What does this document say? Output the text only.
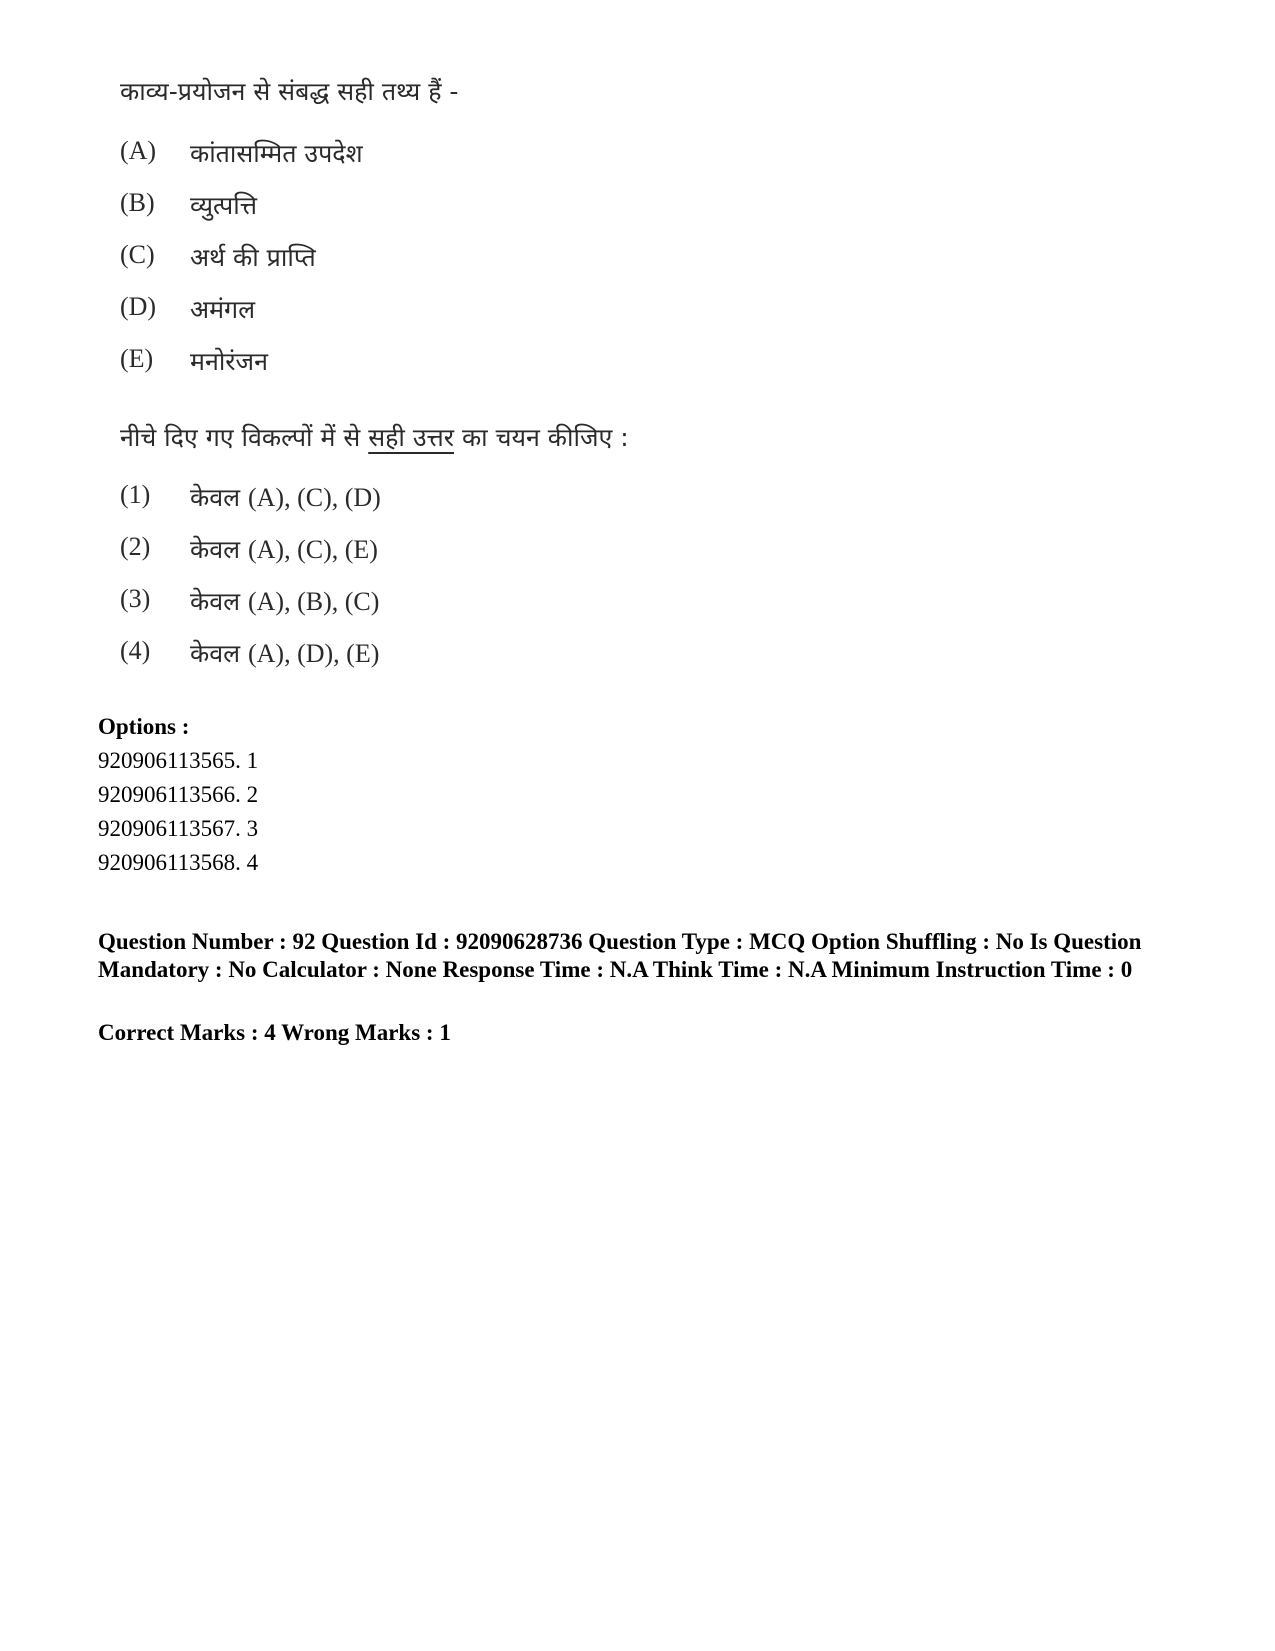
काव्य-प्रयोजन से संबद्ध सही तथ्य हैं -
(A) कांतासम्मित उपदेश
(B) व्युत्पत्ति
(C) अर्थ की प्राप्ति
(D) अमंगल
(E) मनोरंजन
नीचे दिए गए विकल्पों में से सही उत्तर का चयन कीजिए :
(1) केवल (A), (C), (D)
(2) केवल (A), (C), (E)
(3) केवल (A), (B), (C)
(4) केवल (A), (D), (E)
Options :
920906113565. 1
920906113566. 2
920906113567. 3
920906113568. 4
Question Number : 92 Question Id : 92090628736 Question Type : MCQ Option Shuffling : No Is Question Mandatory : No Calculator : None Response Time : N.A Think Time : N.A Minimum Instruction Time : 0
Correct Marks : 4 Wrong Marks : 1
